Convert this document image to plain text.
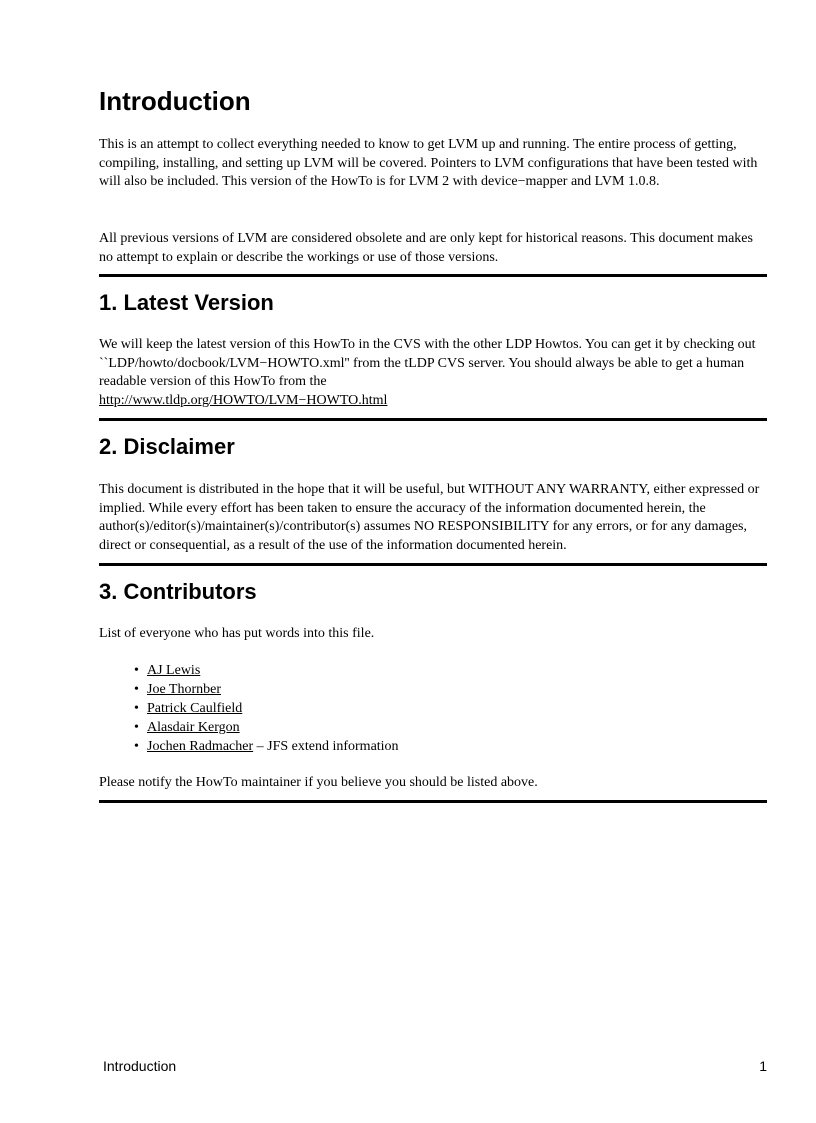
Introduction

This is an attempt to collect everything needed to know to get LVM up and running. The entire process of getting, compiling, installing, and setting up LVM will be covered. Pointers to LVM configurations that have been tested with will also be included. This version of the HowTo is for LVM 2 with device−mapper and LVM 1.0.8.

All previous versions of LVM are considered obsolete and are only kept for historical reasons. This document makes no attempt to explain or describe the workings or use of those versions.

1. Latest Version
We will keep the latest version of this HowTo in the CVS with the other LDP Howtos. You can get it by checking out ``LDP/howto/docbook/LVM−HOWTO.xml'' from the tLDP CVS server. You should always be able to get a human readable version of this HowTo from the
http://www.tldp.org/HOWTO/LVM−HOWTO.html
2. Disclaimer

This document is distributed in the hope that it will be useful, but WITHOUT ANY WARRANTY, either expressed or implied. While every effort has been taken to ensure the accuracy of the information documented herein, the author(s)/editor(s)/maintainer(s)/contributor(s) assumes NO RESPONSIBILITY for any errors, or for any damages, direct or consequential, as a result of the use of the information documented herein.

3. Contributors

List of everyone who has put words into this file.

• AJ Lewis
• Joe Thornber
• Patrick Caulfield
• Alasdair Kergon
• Jochen Radmacher – JFS extend information

Please notify the HowTo maintainer if you believe you should be listed above.

Introduction	1
